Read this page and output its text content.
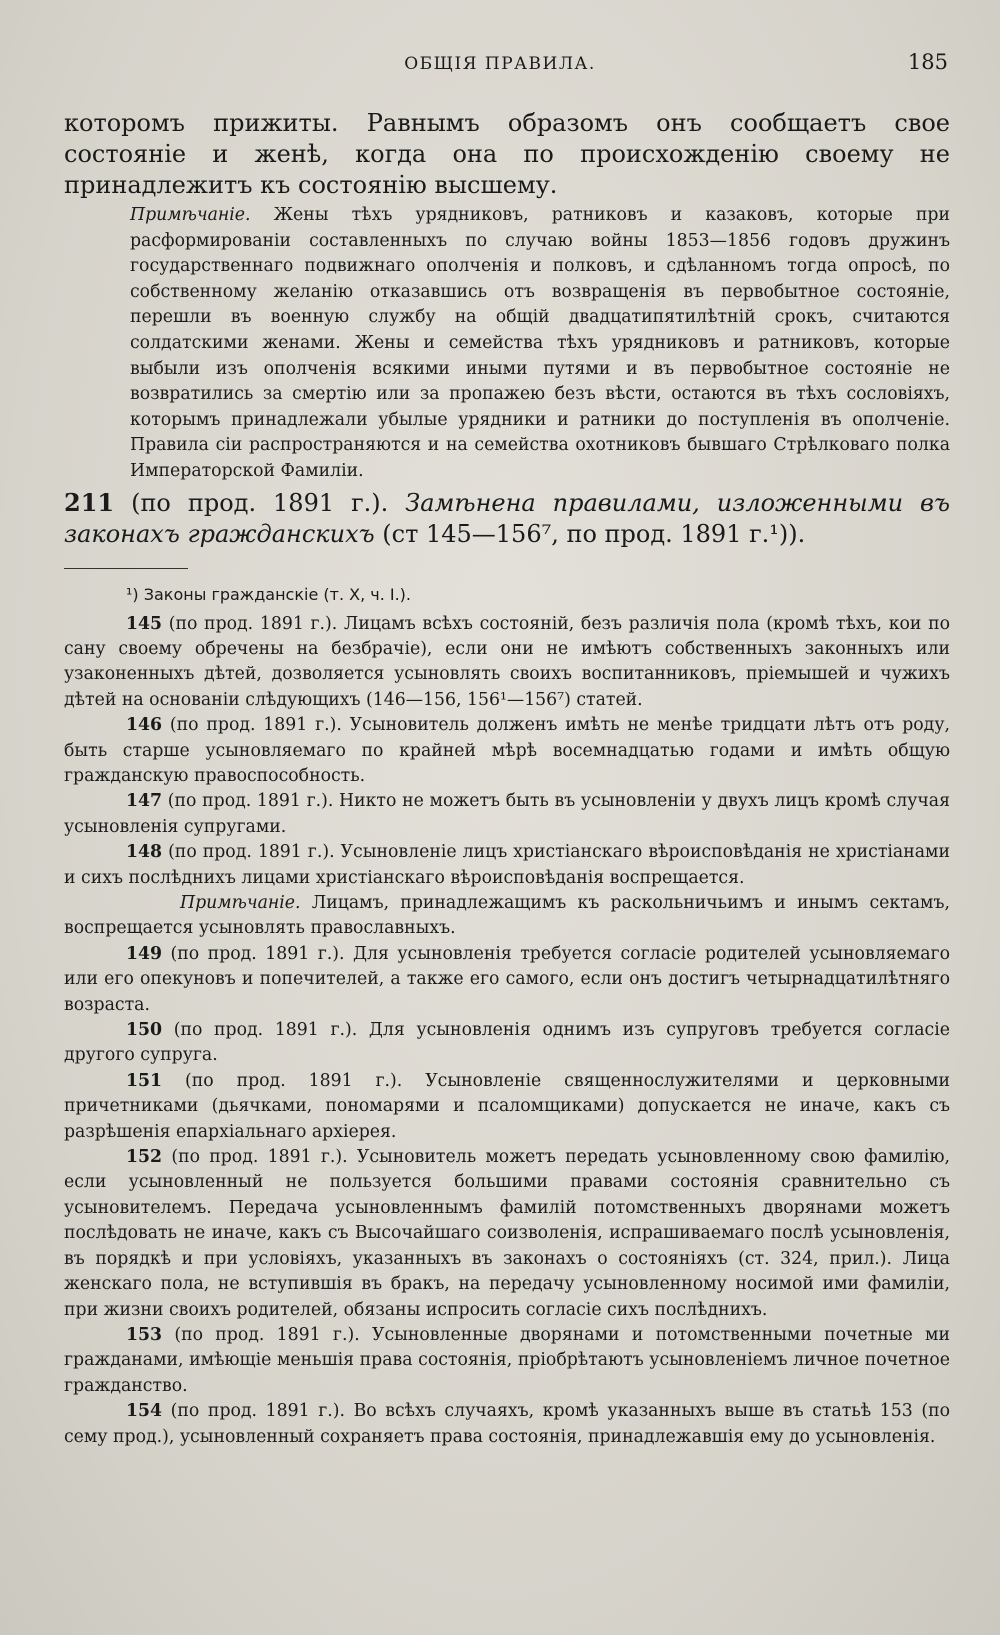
ОБЩІЯ ПРАВИЛА.	185

которомъ прижиты. Равнымъ образомъ онъ сообщаетъ свое состояніе и женѣ, когда она по происхожденію своему не принадлежитъ къ состоянію высшему.

Примѣчаніе. Жены тѣхъ урядниковъ, ратниковъ и казаковъ, которые при расформированіи составленныхъ по случаю войны 1853—1856 годовъ дружинъ государственнаго подвижнаго ополченія и полковъ, и сдѣланномъ тогда опросѣ, по собственному желанію отказавшись отъ возвращенія въ первобытное состояніе, перешли въ военную службу на общій двадцатипятилѣтній срокъ, считаются солдатскими женами. Жены и семейства тѣхъ урядниковъ и ратниковъ, которые выбыли изъ ополченія всякими иными путями и въ первобытное состояніе не возвратились за смертію или за пропажею безъ вѣсти, остаются въ тѣхъ сословіяхъ, которымъ принадлежали убылые урядники и ратники до поступленія въ ополченіе. Правила сіи распространяются и на семейства охотниковъ бывшаго Стрѣлковаго полка Императорской Фамиліи.

211 (по прод. 1891 г.). Замѣнена правилами, изложенными въ законахъ гражданскихъ (ст 145—156⁷, по прод. 1891 г.¹)).

¹) Законы гражданскіе (т. X, ч. I.).

145 (по прод. 1891 г.). Лицамъ всѣхъ состояній, безъ различія пола (кромѣ тѣхъ, кои по сану своему обречены на безбрачіе), если они не имѣютъ собственныхъ законныхъ или узаконенныхъ дѣтей, дозволяется усыновлять своихъ воспитанниковъ, пріемышей и чужихъ дѣтей на основаніи слѣдующихъ (146—156, 156¹—156⁷) статей.

146 (по прод. 1891 г.). Усыновитель долженъ имѣть не менѣе тридцати лѣтъ отъ роду, быть старше усыновляемаго по крайней мѣрѣ восемнадцатью годами и имѣть общую гражданскую правоспособность.

147 (по прод. 1891 г.). Никто не можетъ быть въ усыновленіи у двухъ лицъ кромѣ случая усыновленія супругами.

148 (по прод. 1891 г.). Усыновленіе лицъ христіанскаго вѣроисповѣданія не христіанами и сихъ послѣднихъ лицами христіанскаго вѣроисповѣданія воспрещается.

Примѣчаніе. Лицамъ, принадлежащимъ къ раскольничьимъ и инымъ сектамъ, воспрещается усыновлять православныхъ.

149 (по прод. 1891 г.). Для усыновленія требуется согласіе родителей усыновляемаго или его опекуновъ и попечителей, а также его самого, если онъ достигъ четырнадцатилѣтняго возраста.

150 (по прод. 1891 г.). Для усыновленія однимъ изъ супруговъ требуется согласіе другого супруга.

151 (по прод. 1891 г.). Усыновленіе священнослужителями и церковными причетниками (дьячками, пономарями и псаломщиками) допускается не иначе, какъ съ разрѣшенія епархіальнаго архіерея.

152 (по прод. 1891 г.). Усыновитель можетъ передать усыновленному свою фамилію, если усыновленный не пользуется большими правами состоянія сравнительно съ усыновителемъ. Передача усыновленнымъ фамилій потомственныхъ дворянами можетъ послѣдовать не иначе, какъ съ Высочайшаго соизволенія, испрашиваемаго послѣ усыновленія, въ порядкѣ и при условіяхъ, указанныхъ въ законахъ о состояніяхъ (ст. 324, прил.). Лица женскаго пола, не вступившія въ бракъ, на передачу усыновленному носимой ими фамиліи, при жизни своихъ родителей, обязаны испросить согласіе сихъ послѣднихъ.

153 (по прод. 1891 г.). Усыновленные дворянами и потомственными почетные ми гражданами, имѣющіе меньшія права состоянія, пріобрѣтаютъ усыновленіемъ личное почетное гражданство.

154 (по прод. 1891 г.). Во всѣхъ случаяхъ, кромѣ указанныхъ выше въ статьѣ 153 (по сему прод.), усыновленный сохраняетъ права состоянія, принадлежавшія ему до усыновленія.
